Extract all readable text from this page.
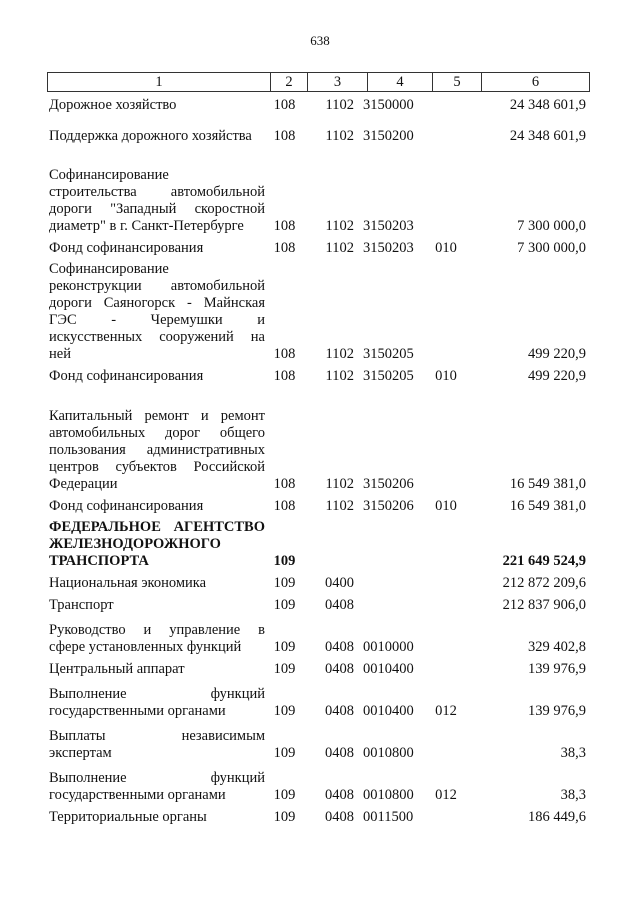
638
1	2	3	4	5	6
Дорожное хозяйство	108	1102 3150000	24 348 601,9
Поддержка дорожного хозяйства	108	1102 3150200	24 348 601,9
Софинансирование
строительства автомобильной
дороги "Западный скоростной
диаметр" в г. Санкт-Петербурге	108	1102 3150203	7 300 000,0
Фонд софинансирования	108	1102 3150203	010	7 300 000,0
Софинансирование
реконструкции автомобильной
дороги Саяногорск - Майнская
ГЭС - Черемушки и
искусственных сооружений на
ней	108	1102 3150205	499 220,9
Фонд софинансирования	108	1102 3150205	010	499 220,9
Капитальный ремонт и ремонт
автомобильных дорог общего
пользования административных
центров субъектов Российской
Федерации	108	1102 3150206	16 549 381,0
Фонд софинансирования	108	1102 3150206	010	16 549 381,0
ФЕДЕРАЛЬНОЕ АГЕНТСТВО
ЖЕЛЕЗНОДОРОЖНОГО
ТРАНСПОРТА	109	221 649 524,9
Национальная экономика	109	0400	212 872 209,6
Транспорт	109	0408	212 837 906,0
Руководство и управление в
сфере установленных функций	109	0408 0010000	329 402,8
Центральный аппарат	109	0408 0010400	139 976,9
Выполнение функций
государственными органами	109	0408 0010400	012	139 976,9
Выплаты независимым
экспертам	109	0408 0010800	38,3
Выполнение функций
государственными органами	109	0408 0010800	012	38,3
Территориальные органы	109	0408 0011500	186 449,6
